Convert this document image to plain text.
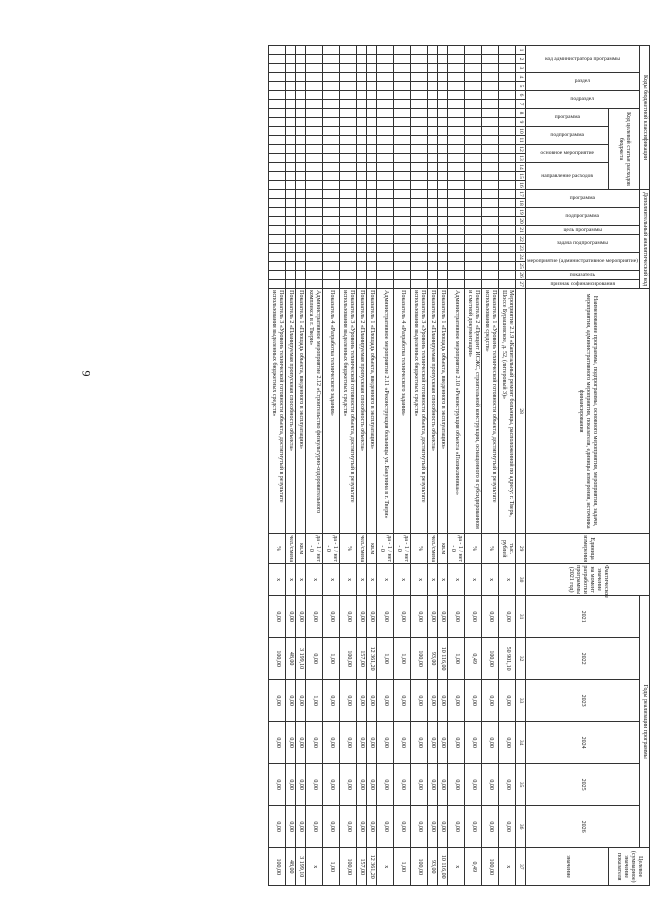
9
Коды бюджетной классификации																Дополнительный аналитический код											Наименование программы, подпрограммы, основного мероприятия, мероприятия, задачи, мероприятия, административного мероприятия, показателя, единицы измерения, источника финансирования	Единица измерения	Фактическое значение на момент разработки программы (2021 год)	Годы реализации программы						Целевое (суммарное) значение показателя

код администратора программы			раздел		подраздел		Код целевой статьи расходов бюджета									программа		подпрограмма		цель программы	задача подпрограммы		мероприятие (административное мероприятие)		показатель	признак софинансирования				2021	2022	2023	2024	2025	2026	

							программа		подпрограмма		основное мероприятие		направление расходов																							значение
1	2	3	4	5	6	7	8	9	10	11	12	13	14	15	16	17	18	19	20	21	22	23	24	25	26	27	28	29	30	31	32	33	34	35	36	37
																											Мероприятие 2.1.9 «Капитальный ремонт больницы, расположенной по адресу: г. Тверь, Шоссе Бурашевское, д. 52, (литеровый 3)»	тыс. рублей	х	0,00	50 901,10	0,00	0,00	0,00	0,00	х
																											Показатель 1 «Уровень технической готовности объекта, достигнутый в результате использования средств»	%	х	0,00	100,00	0,00	0,00	0,00	0,00	100,00
																											Показатель 2 «Процент ИСЖС, строительной конструкции, оснащенного в субсидированном и сметной документации»	%	х	0,00	0,49	0,00	0,00	0,00	0,00	0,49
																											Административное мероприятие 2.10 «Реконструкция объекта «Поликлиника»»	да - 1 / нет - 0	х	0,00	1,00	0,00	0,00	0,00	0,00	х
																											Показатель 1 «Площадь объекта, введенного в эксплуатацию»	кв.м	х	0,00	10 116,00	0,00	0,00	0,00	0,00	10 116,00
																											Показатель 2 «Планируемая пропускная способность объекта»	чел./смена	х	0,00	93,00	0,00	0,00	0,00	0,00	93,00
																											Показатель 3 «Уровень технической готовности объекта, достигнутый в результате использования выделенных бюджетных средств»	%	х	0,00	100,00	0,00	0,00	0,00	0,00	100,00
																											Показатель 4 «Разработка технического задания»	да - 1 / нет - 0	х	0,00	1,00	0,00	0,00	0,00	0,00	1,00
																											Административное мероприятие 2.11 «Реконструкция больницы ул. Бакунина в г. Твери»	да - 1 / нет - 0	х	0,00	1,00	0,00	0,00	0,00	0,00	х
																											Показатель 1 «Площадь объекта, введенного в эксплуатацию»	кв.м	х	0,00	12 361,20	0,00	0,00	0,00	0,00	12 361,20
																											Показатель 2 «Планируемая пропускная способность объекта»	чел./смена	х	0,00	157,00	0,00	0,00	0,00	0,00	157,00
																											Показатель 3 «Уровень технической готовности объекта, достигнутый в результате использования выделенных бюджетных средств»	%	х	0,00	100,00	0,00	0,00	0,00	0,00	100,00
																											Показатель 4 «Разработка технического задания»	да - 1 / нет - 0	х	0,00	1,00	0,00	0,00	0,00	0,00	1,00
																											Административное мероприятие 2.12 «Строительство физкультурно-оздоровительного комплекса в г. Твери»	да - 1 / нет - 0	х	0,00	0,00	1,00	0,00	0,00	0,00	х
																											Показатель 1 «Площадь объекта, введенного в эксплуатацию»	кв.м	х	0,00	3 199,10	0,00	0,00	0,00	0,00	3 199,10
																											Показатель 2 «Планируемая пропускная способность объекта»	чел./смена	х	0,00	48,00	0,00	0,00	0,00	0,00	48,00
																											Показатель 3 «Уровень технической готовности объекта, достигнутый в результате использования выделенных бюджетных средств»	%	х	0,00	100,00	0,00	0,00	0,00	0,00	100,00
